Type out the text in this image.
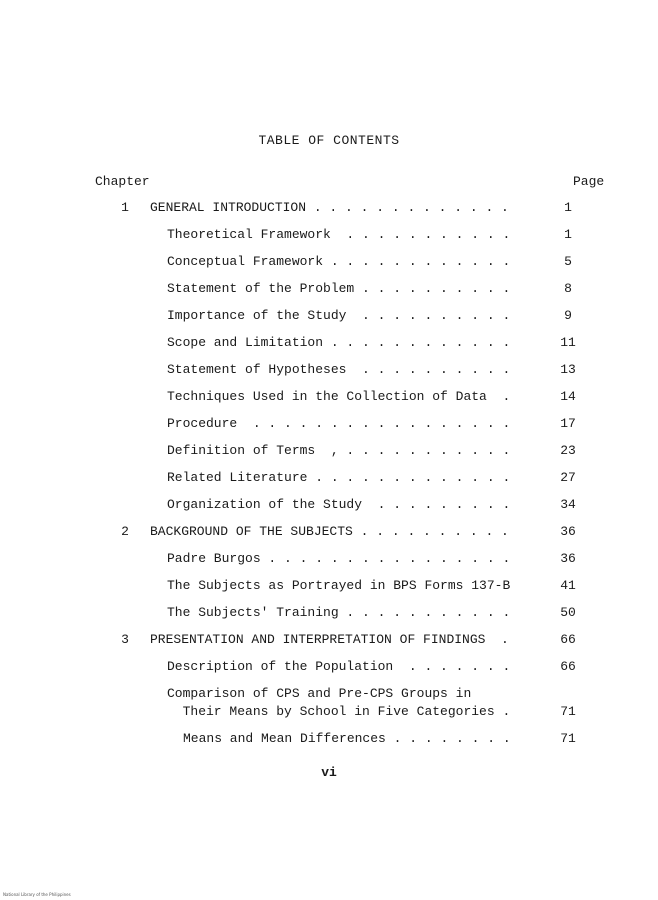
TABLE OF CONTENTS
Chapter	Page
1 GENERAL INTRODUCTION . . . . . . . . . . . . .	1
Theoretical Framework  . . . . . . . . . . .	1
Conceptual Framework . . . . . . . . . . . .	5
Statement of the Problem . . . . . . . . . .	8
Importance of the Study  . . . . . . . . . .	9
Scope and Limitation . . . . . . . . . . . .	11
Statement of Hypotheses  . . . . . . . . . .	13
Techniques Used in the Collection of Data  .	14
Procedure  . . . . . . . . . . . . . . . . .	17
Definition of Terms  , . . . . . . . . . . .	23
Related Literature . . . . . . . . . . . . .	27
Organization of the Study  . . . . . . . . .	34
2 BACKGROUND OF THE SUBJECTS . . . . . . . . . .	36
Padre Burgos . . . . . . . . . . . . . . . .	36
The Subjects as Portrayed in BPS Forms 137-B	41
The Subjects' Training . . . . . . . . . . .	50
3 PRESENTATION AND INTERPRETATION OF FINDINGS  .	66
Description of the Population  . . . . . . .	66
Comparison of CPS and Pre-CPS Groups in
Their Means by School in Five Categories .	71
Means and Mean Differences . . . . . . . .	71
vi
National Library of the Philippines
